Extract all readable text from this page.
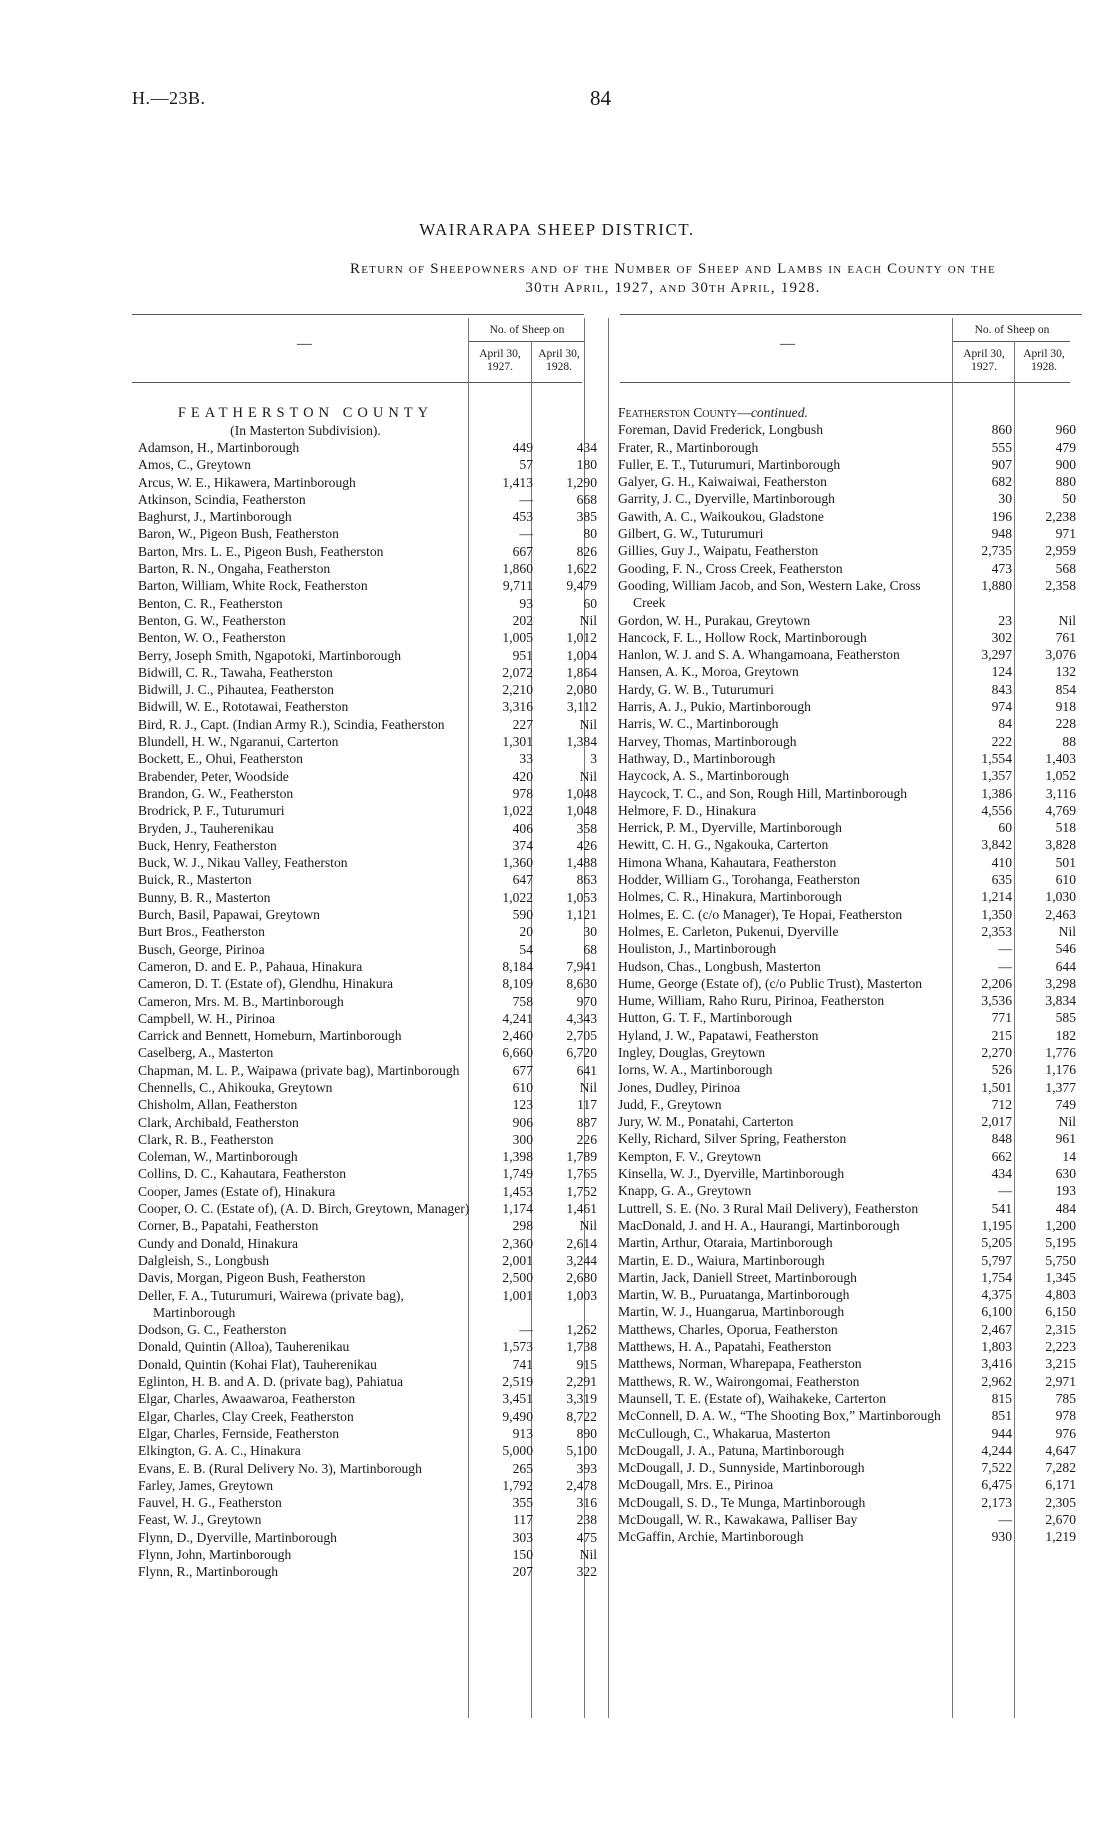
H.—23B.	84
WAIRARAPA SHEEP DISTRICT.
Return of Sheepowners and of the Number of Sheep and Lambs in each County on the
30th April, 1927, and 30th April, 1928.
No. of Sheep on
April 30, 1927.
April 30, 1928.
—
No. of Sheep on
April 30, 1927.
April 30, 1928.
—
FEATHERSTON COUNTY
(In Masterton Subdivision).
Adamson, H., Martinborough	449	434
Amos, C., Greytown	57	180
Arcus, W. E., Hikawera, Martinborough	1,413	1,290
Atkinson, Scindia, Featherston	—	668
Baghurst, J., Martinborough	453	385
Baron, W., Pigeon Bush, Featherston	—	80
Barton, Mrs. L. E., Pigeon Bush, Featherston	667	826
Barton, R. N., Ongaha, Featherston	1,860	1,622
Barton, William, White Rock, Featherston	9,711	9,479
Benton, C. R., Featherston	93	60
Benton, G. W., Featherston	202	Nil
Benton, W. O., Featherston	1,005	1,012
Berry, Joseph Smith, Ngapotoki, Martinborough	951	1,004
Bidwill, C. R., Tawaha, Featherston	2,072	1,864
Bidwill, J. C., Pihautea, Featherston	2,210	2,080
Bidwill, W. E., Rototawai, Featherston	3,316	3,112
Bird, R. J., Capt. (Indian Army R.), Scindia, Featherston	227	Nil
Blundell, H. W., Ngaranui, Carterton	1,301	1,384
Bockett, E., Ohui, Featherston	33	3
Brabender, Peter, Woodside	420	Nil
Brandon, G. W., Featherston	978	1,048
Brodrick, P. F., Tuturumuri	1,022	1,048
Bryden, J., Tauherenikau	406	358
Buck, Henry, Featherston	374	426
Buck, W. J., Nikau Valley, Featherston	1,360	1,488
Buick, R., Masterton	647	863
Bunny, B. R., Masterton	1,022	1,053
Burch, Basil, Papawai, Greytown	590	1,121
Burt Bros., Featherston	20	30
Busch, George, Pirinoa	54	68
Cameron, D. and E. P., Pahaua, Hinakura	8,184	7,941
Cameron, D. T. (Estate of), Glendhu, Hinakura	8,109	8,630
Cameron, Mrs. M. B., Martinborough	758	970
Campbell, W. H., Pirinoa	4,241	4,343
Carrick and Bennett, Homeburn, Martinborough	2,460	2,705
Caselberg, A., Masterton	6,660	6,720
Chapman, M. L. P., Waipawa (private bag), Martinborough	677	641
Chennells, C., Ahikouka, Greytown	610	Nil
Chisholm, Allan, Featherston	123	117
Clark, Archibald, Featherston	906	887
Clark, R. B., Featherston	300	226
Coleman, W., Martinborough	1,398	1,789
Collins, D. C., Kahautara, Featherston	1,749	1,765
Cooper, James (Estate of), Hinakura	1,453	1,752
Cooper, O. C. (Estate of), (A. D. Birch, Greytown, Manager)	1,174	1,461
Corner, B., Papatahi, Featherston	298	Nil
Cundy and Donald, Hinakura	2,360	2,614
Dalgleish, S., Longbush	2,001	3,244
Davis, Morgan, Pigeon Bush, Featherston	2,500	2,680
Deller, F. A., Tuturumuri, Wairewa (private bag), Martinborough
1,001	1,003
Dodson, G. C., Featherston	—	1,262
Donald, Quintin (Alloa), Tauherenikau	1,573	1,738
Donald, Quintin (Kohai Flat), Tauherenikau	741	915
Eglinton, H. B. and A. D. (private bag), Pahiatua	2,519	2,291
Elgar, Charles, Awaawaroa, Featherston	3,451	3,319
Elgar, Charles, Clay Creek, Featherston	9,490	8,722
Elgar, Charles, Fernside, Featherston	913	890
Elkington, G. A. C., Hinakura	5,000	5,100
Evans, E. B. (Rural Delivery No. 3), Martinborough	265	393
Farley, James, Greytown	1,792	2,478
Fauvel, H. G., Featherston	355	316
Feast, W. J., Greytown	117	238
Flynn, D., Dyerville, Martinborough	303	475
Flynn, John, Martinborough	150	Nil
Flynn, R., Martinborough	207	322
Featherston County—continued.
Foreman, David Frederick, Longbush	860	960
Frater, R., Martinborough	555	479
Fuller, E. T., Tuturumuri, Martinborough	907	900
Galyer, G. H., Kaiwaiwai, Featherston	682	880
Garrity, J. C., Dyerville, Martinborough	30	50
Gawith, A. C., Waikoukou, Gladstone	196	2,238
Gilbert, G. W., Tuturumuri	948	971
Gillies, Guy J., Waipatu, Featherston	2,735	2,959
Gooding, F. N., Cross Creek, Featherston	473	568
Gooding, William Jacob, and Son, Western Lake, Cross Creek
1,880	2,358
Gordon, W. H., Purakau, Greytown	23	Nil
Hancock, F. L., Hollow Rock, Martinborough	302	761
Hanlon, W. J. and S. A. Whangamoana, Featherston	3,297	3,076
Hansen, A. K., Moroa, Greytown	124	132
Hardy, G. W. B., Tuturumuri	843	854
Harris, A. J., Pukio, Martinborough	974	918
Harris, W. C., Martinborough	84	228
Harvey, Thomas, Martinborough	222	88
Hathway, D., Martinborough	1,554	1,403
Haycock, A. S., Martinborough	1,357	1,052
Haycock, T. C., and Son, Rough Hill, Martinborough	1,386	3,116
Helmore, F. D., Hinakura	4,556	4,769
Herrick, P. M., Dyerville, Martinborough	60	518
Hewitt, C. H. G., Ngakouka, Carterton	3,842	3,828
Himona Whana, Kahautara, Featherston	410	501
Hodder, William G., Torohanga, Featherston	635	610
Holmes, C. R., Hinakura, Martinborough	1,214	1,030
Holmes, E. C. (c/o Manager), Te Hopai, Featherston	1,350	2,463
Holmes, E. Carleton, Pukenui, Dyerville	2,353	Nil
Houliston, J., Martinborough	—	546
Hudson, Chas., Longbush, Masterton	—	644
Hume, George (Estate of), (c/o Public Trust), Masterton	2,206	3,298
Hume, William, Raho Ruru, Pirinoa, Featherston	3,536	3,834
Hutton, G. T. F., Martinborough	771	585
Hyland, J. W., Papatawi, Featherston	215	182
Ingley, Douglas, Greytown	2,270	1,776
Iorns, W. A., Martinborough	526	1,176
Jones, Dudley, Pirinoa	1,501	1,377
Judd, F., Greytown	712	749
Jury, W. M., Ponatahi, Carterton	2,017	Nil
Kelly, Richard, Silver Spring, Featherston	848	961
Kempton, F. V., Greytown	662	14
Kinsella, W. J., Dyerville, Martinborough	434	630
Knapp, G. A., Greytown	—	193
Luttrell, S. E. (No. 3 Rural Mail Delivery), Featherston	541	484
MacDonald, J. and H. A., Haurangi, Martinborough	1,195	1,200
Martin, Arthur, Otaraia, Martinborough	5,205	5,195
Martin, E. D., Waiura, Martinborough	5,797	5,750
Martin, Jack, Daniell Street, Martinborough	1,754	1,345
Martin, W. B., Puruatanga, Martinborough	4,375	4,803
Martin, W. J., Huangarua, Martinborough	6,100	6,150
Matthews, Charles, Oporua, Featherston	2,467	2,315
Matthews, H. A., Papatahi, Featherston	1,803	2,223
Matthews, Norman, Wharepapa, Featherston	3,416	3,215
Matthews, R. W., Wairongomai, Featherston	2,962	2,971
Maunsell, T. E. (Estate of), Waihakeke, Carterton	815	785
McConnell, D. A. W., “The Shooting Box,” Martinborough	851	978
McCullough, C., Whakarua, Masterton	944	976
McDougall, J. A., Patuna, Martinborough	4,244	4,647
McDougall, J. D., Sunnyside, Martinborough	7,522	7,282
McDougall, Mrs. E., Pirinoa	6,475	6,171
McDougall, S. D., Te Munga, Martinborough	2,173	2,305
McDougall, W. R., Kawakawa, Palliser Bay	—	2,670
McGaffin, Archie, Martinborough	930	1,219
